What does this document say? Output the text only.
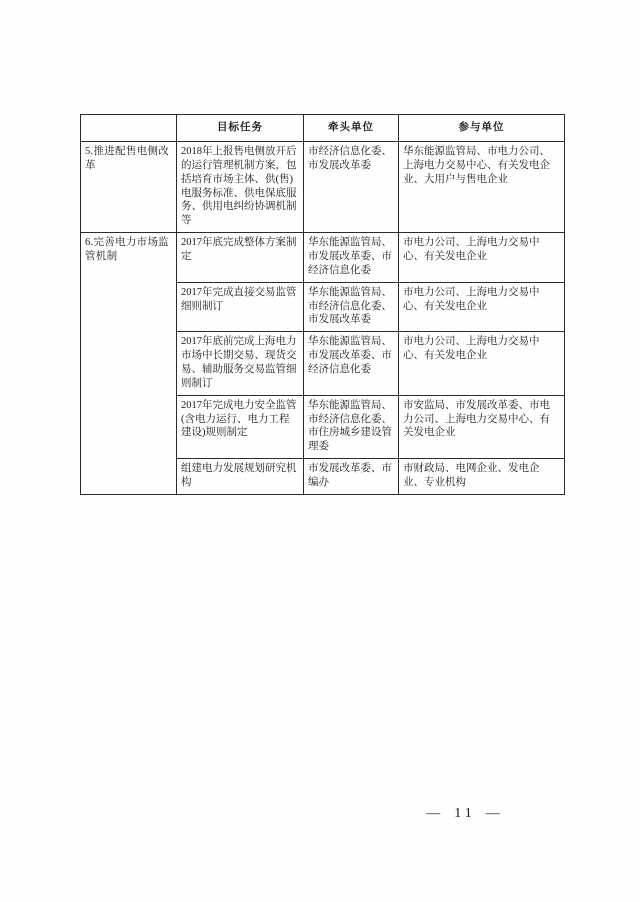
	目标任务	牵头单位	参与单位
5.推进配售电侧改革	2018年上报售电侧放开后的运行管理机制方案，包括培育市场主体、供(售)电服务标准、供电保底服务、供用电纠纷协调机制等	市经济信息化委、市发展改革委	华东能源监管局、市电力公司、上海电力交易中心、有关发电企业、大用户与售电企业
6.完善电力市场监管机制	2017年底完成整体方案制定	华东能源监管局、市发展改革委、市经济信息化委	市电力公司、上海电力交易中心、有关发电企业
	2017年完成直接交易监管细则制订	华东能源监管局、市经济信息化委、市发展改革委	市电力公司、上海电力交易中心、有关发电企业
	2017年底前完成上海电力市场中长期交易、现货交易、辅助服务交易监管细则制订	华东能源监管局、市发展改革委、市经济信息化委	市电力公司、上海电力交易中心、有关发电企业
	2017年完成电力安全监管(含电力运行、电力工程建设)规则制定	华东能源监管局、市经济信息化委、市住房城乡建设管理委	市安监局、市发展改革委、市电力公司、上海电力交易中心、有关发电企业
	组建电力发展规划研究机构	市发展改革委、市编办	市财政局、电网企业、发电企业、专业机构
— 11 —
